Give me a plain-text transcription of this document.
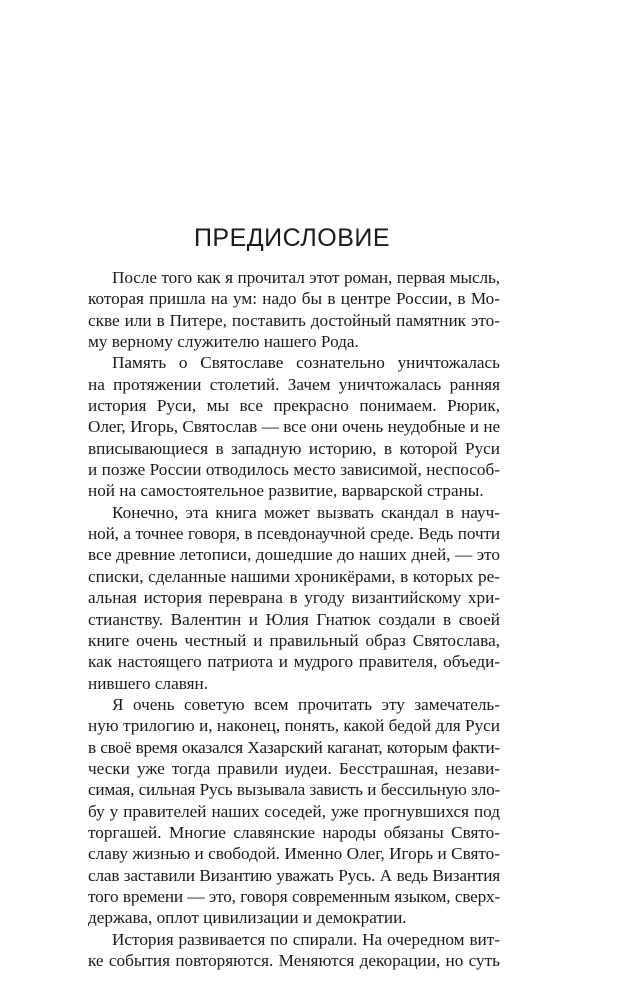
ПРЕДИСЛОВИЕ
После того как я прочитал этот роман, первая мысль,
которая пришла на ум: надо бы в центре России, в Мо-
скве или в Питере, поставить достойный памятник это-
му верному служителю нашего Рода.
Память о Святославе сознательно уничтожалась
на протяжении столетий. Зачем уничтожалась ранняя
история Руси, мы все прекрасно понимаем. Рюрик,
Олег, Игорь, Святослав — все они очень неудобные и не
вписывающиеся в западную историю, в которой Руси
и позже России отводилось место зависимой, неспособ-
ной на самостоятельное развитие, варварской страны.
Конечно, эта книга может вызвать скандал в науч-
ной, а точнее говоря, в псевдонаучной среде. Ведь почти
все древние летописи, дошедшие до наших дней, — это
списки, сделанные нашими хроникёрами, в которых ре-
альная история переврана в угоду византийскому хри-
стианству. Валентин и Юлия Гнатюк создали в своей
книге очень честный и правильный образ Святослава,
как настоящего патриота и мудрого правителя, объеди-
нившего славян.
Я очень советую всем прочитать эту замечатель-
ную трилогию и, наконец, понять, какой бедой для Руси
в своё время оказался Хазарский каганат, которым факти-
чески уже тогда правили иудеи. Бесстрашная, незави-
симая, сильная Русь вызывала зависть и бессильную зло-
бу у правителей наших соседей, уже прогнувшихся под
торгашей. Многие славянские народы обязаны Свято-
славу жизнью и свободой. Именно Олег, Игорь и Свято-
слав заставили Византию уважать Русь. А ведь Византия
того времени — это, говоря современным языком, сверх-
держава, оплот цивилизации и демократии.
История развивается по спирали. На очередном вит-
ке события повторяются. Меняются декорации, но суть
